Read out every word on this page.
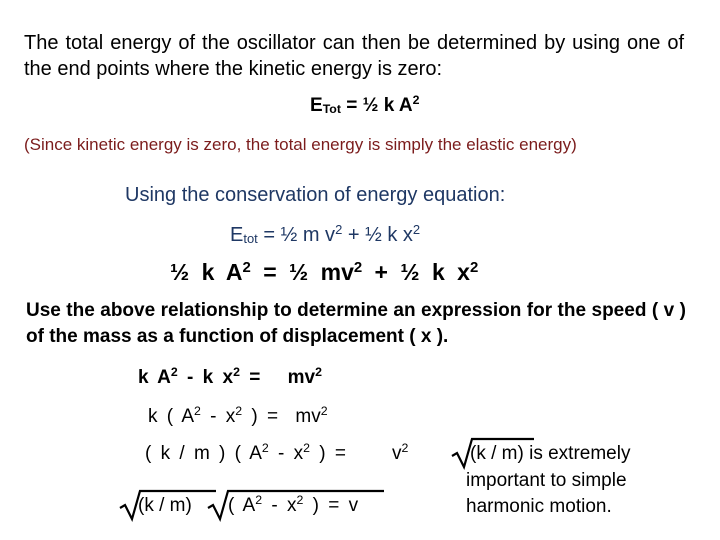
The total energy of the oscillator can then be determined by using one of the end points where the kinetic energy is zero:
$E_{Tot}$ = ½ k $A^2$
(Since kinetic energy is zero, the total energy is simply the elastic energy)
Using the conservation of energy equation:
$E_{tot}$ = ½ m $v^2$ + ½ k $x^2$
½ k $A^2$ = ½ $mv^2$ + ½ k $x^2$
Use the above relationship to determine an expression for the speed ( v ) of the mass as a function of displacement ( x ).
k $A^2$ - k $x^2 = mv^2$
k ( $A^2 - x^2$ ) = $mv^2$
( k / m ) ( $A^2 - x^2$ ) = $v^2$
(k / m) ( $A^2 - x^2$ ) = v
(k / m) is extremely
important to simple
harmonic motion.
